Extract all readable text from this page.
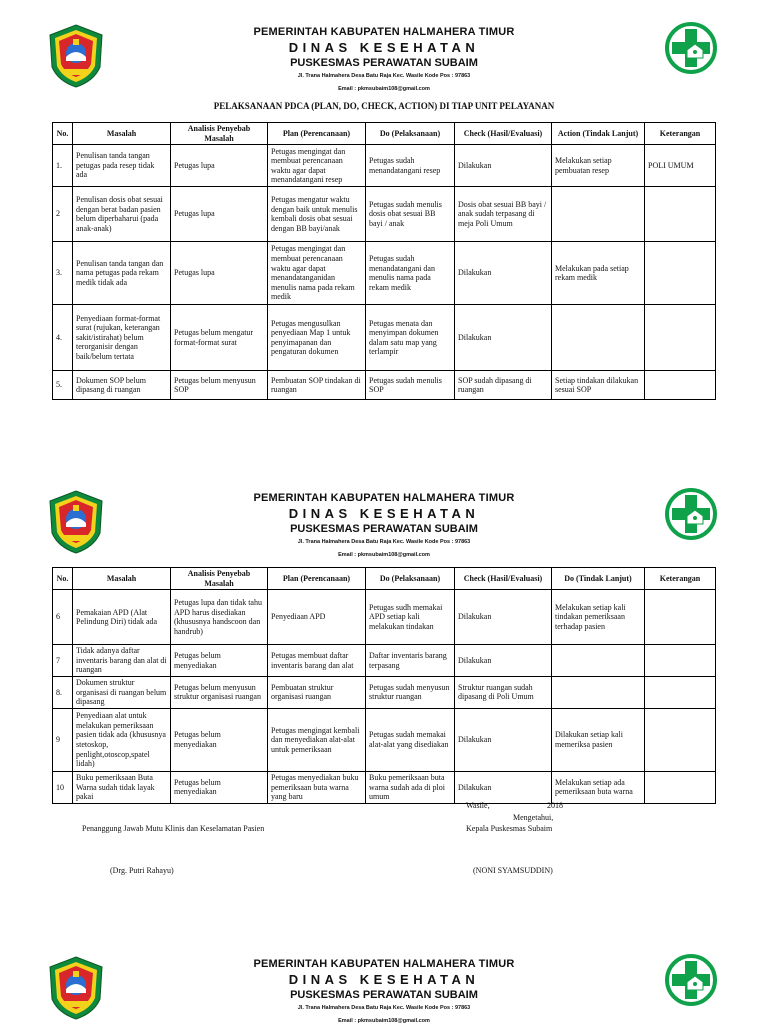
PEMERINTAH KABUPATEN HALMAHERA TIMUR
DINAS KESEHATAN
PUSKESMAS PERAWATAN SUBAIM
Jl. Trana Halmahera Desa Batu Raja Kec. Wasile Kode Pos : 97863
Email : pkmsubaim108@gmail.com
PELAKSANAAN PDCA (PLAN, DO, CHECK, ACTION) DI TIAP UNIT PELAYANAN
No.	Masalah	Analisis Penyebab Masalah	Plan (Perencanaan)	Do (Pelaksanaan)	Check (Hasil/Evaluasi)	Action (Tindak Lanjut)	Keterangan
1.	Penulisan tanda tangan petugas pada resep tidak ada	Petugas lupa	Petugas mengingat dan membuat perencanaan waktu agar dapat menandatangani resep	Petugas sudah menandatangani resep	Dilakukan	Melakukan setiap pembuatan resep	POLI UMUM
2	Penulisan dosis obat sesuai dengan berat badan pasien belum diperbaharui (pada anak-anak)	Petugas lupa	Petugas mengatur waktu dengan baik untuk menulis kembali dosis obat sesuai dengan BB bayi/anak	Petugas sudah menulis dosis obat sesuai BB bayi / anak	Dosis obat sesuai BB bayi / anak sudah terpasang di meja Poli Umum		
3.	Penulisan tanda tangan dan nama petugas pada rekam medik tidak ada	Petugas lupa	Petugas mengingat dan membuat perencanaan waktu agar dapat menandatanganidan menulis nama pada rekam medik	Petugas sudah menandatangani dan menulis nama pada rekam medik	Dilakukan	Melakukan pada setiap rekam medik	
4.	Penyediaan format-format surat (rujukan, keterangan sakit/istirahat) belum terorganisir dengan baik/belum tertata	Petugas belum mengatur format-format surat	Petugas mengusulkan penyediaan Map 1 untuk penyimapanan dan pengaturan dokumen	Petugas menata dan menyimpan dokumen dalam satu map yang terlampir	Dilakukan		
5.	Dokumen SOP belum dipasang di ruangan	Petugas belum menyusun SOP	Pembuatan SOP tindakan di ruangan	Petugas sudah menulis SOP	SOP sudah dipasang di ruangan	Setiap tindakan dilakukan sesuai SOP	
PEMERINTAH KABUPATEN HALMAHERA TIMUR
DINAS KESEHATAN
PUSKESMAS PERAWATAN SUBAIM
Jl. Trana Halmahera Desa Batu Raja Kec. Wasile Kode Pos : 97863
Email : pkmsubaim108@gmail.com
No.	Masalah	Analisis Penyebab Masalah	Plan (Perencanaan)	Do (Pelaksanaan)	Check (Hasil/Evaluasi)	Do (Tindak Lanjut)	Keterangan
6	Pemakaian APD (Alat Pelindung Diri) tidak ada	Petugas lupa dan tidak tahu APD harus disediakan (khususnya handscoon dan handrub)	Penyediaan APD	Petugas sudh memakai APD setiap kali melakukan tindakan	Dilakukan	Melakukan setiap kali tindakan pemeriksaan terhadap pasien	
7	Tidak adanya daftar inventaris barang dan alat di ruangan	Petugas belum menyediakan	Petugas membuat daftar inventaris barang dan alat	Daftar inventaris barang terpasang	Dilakukan		
8.	Dokumen struktur organisasi di ruangan belum dipasang	Petugas belum menyusun struktur organisasi ruangan	Pembuatan struktur organisasi ruangan	Petugas sudah menyusun struktur ruangan	Struktur ruangan sudah dipasang di Poli Umum		
9	Penyediaan alat untuk melakukan pemeriksaan pasien tidak ada (khususnya stetoskop, penlight,otoscop,spatel lidah)	Petugas belum menyediakan	Petugas mengingat kembali dan menyediakan alat-alat untuk pemeriksaan	Petugas sudah memakai alat-alat yang disediakan	Dilakukan	Dilakukan setiap kali memeriksa pasien	
10	Buku pemeriksaan Buta Warna sudah tidak layak pakai	Petugas belum menyediakan	Petugas menyediakan buku pemeriksaan buta warna yang baru	Buku pemeriksaan buta warna sudah ada di ploi umum	Dilakukan	Melakukan setiap ada pemeriksaan buta warna	
Wasile,	2018
Mengetahui,
Kepala Puskesmas Subaim
Penanggung Jawab Mutu Klinis dan Keselamatan Pasien
(Drg. Putri Rahayu)	(NONI SYAMSUDDIN)
PEMERINTAH KABUPATEN HALMAHERA TIMUR
DINAS KESEHATAN
PUSKESMAS PERAWATAN SUBAIM
Jl. Trana Halmahera Desa Batu Raja Kec. Wasile Kode Pos : 97863
Email : pkmsubaim108@gmail.com
